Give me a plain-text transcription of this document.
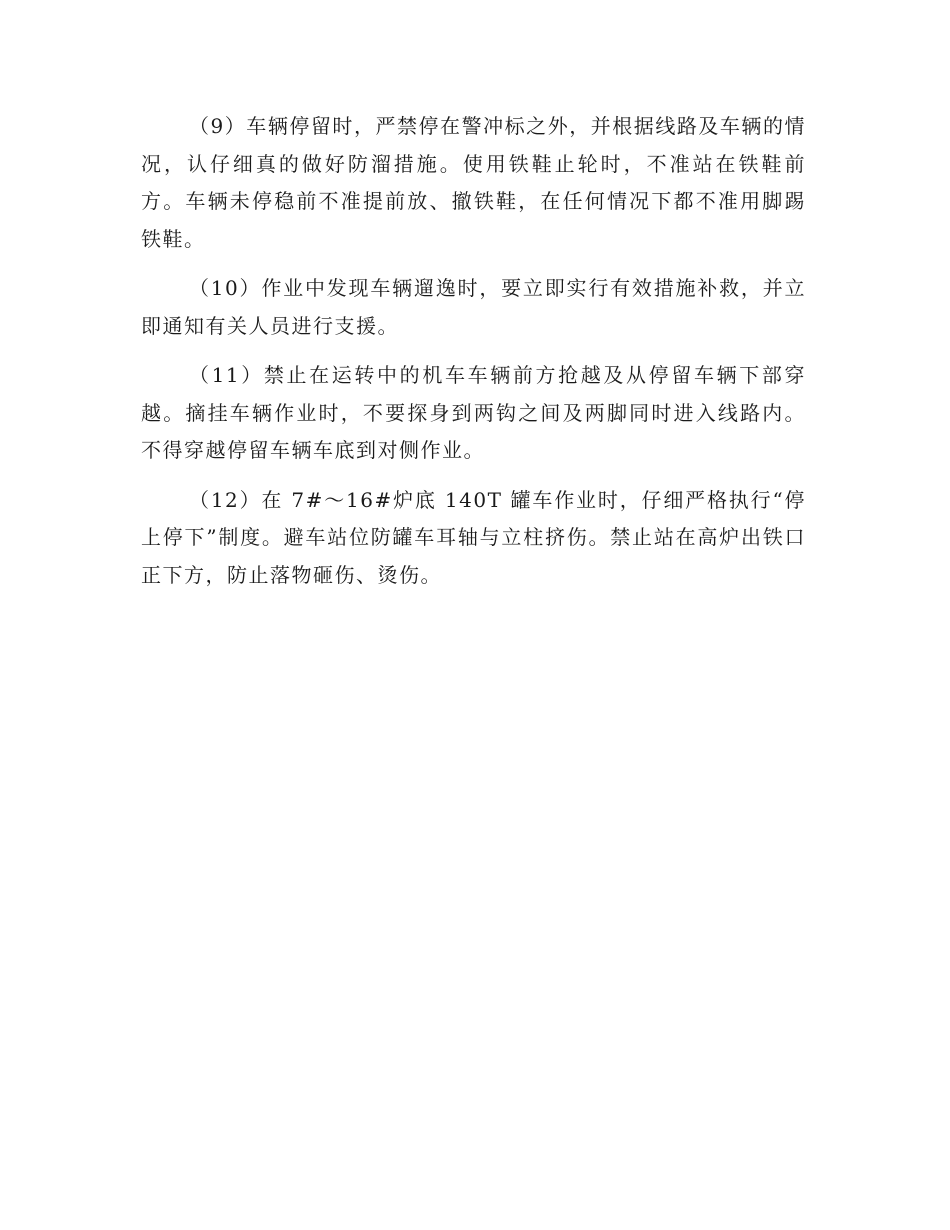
（9）车辆停留时，严禁停在警冲标之外，并根据线路及车辆的情况，认仔细真的做好防溜措施。使用铁鞋止轮时，不准站在铁鞋前方。车辆未停稳前不准提前放、撤铁鞋，在任何情况下都不准用脚踢铁鞋。

（10）作业中发现车辆遛逸时，要立即实行有效措施补救，并立即通知有关人员进行支援。

（11）禁止在运转中的机车车辆前方抢越及从停留车辆下部穿越。摘挂车辆作业时，不要探身到两钩之间及两脚同时进入线路内。不得穿越停留车辆车底到对侧作业。

（12）在 7#～16#炉底 140T 罐车作业时，仔细严格执行“停上停下”制度。避车站位防罐车耳轴与立柱挤伤。禁止站在高炉出铁口正下方，防止落物砸伤、烫伤。
